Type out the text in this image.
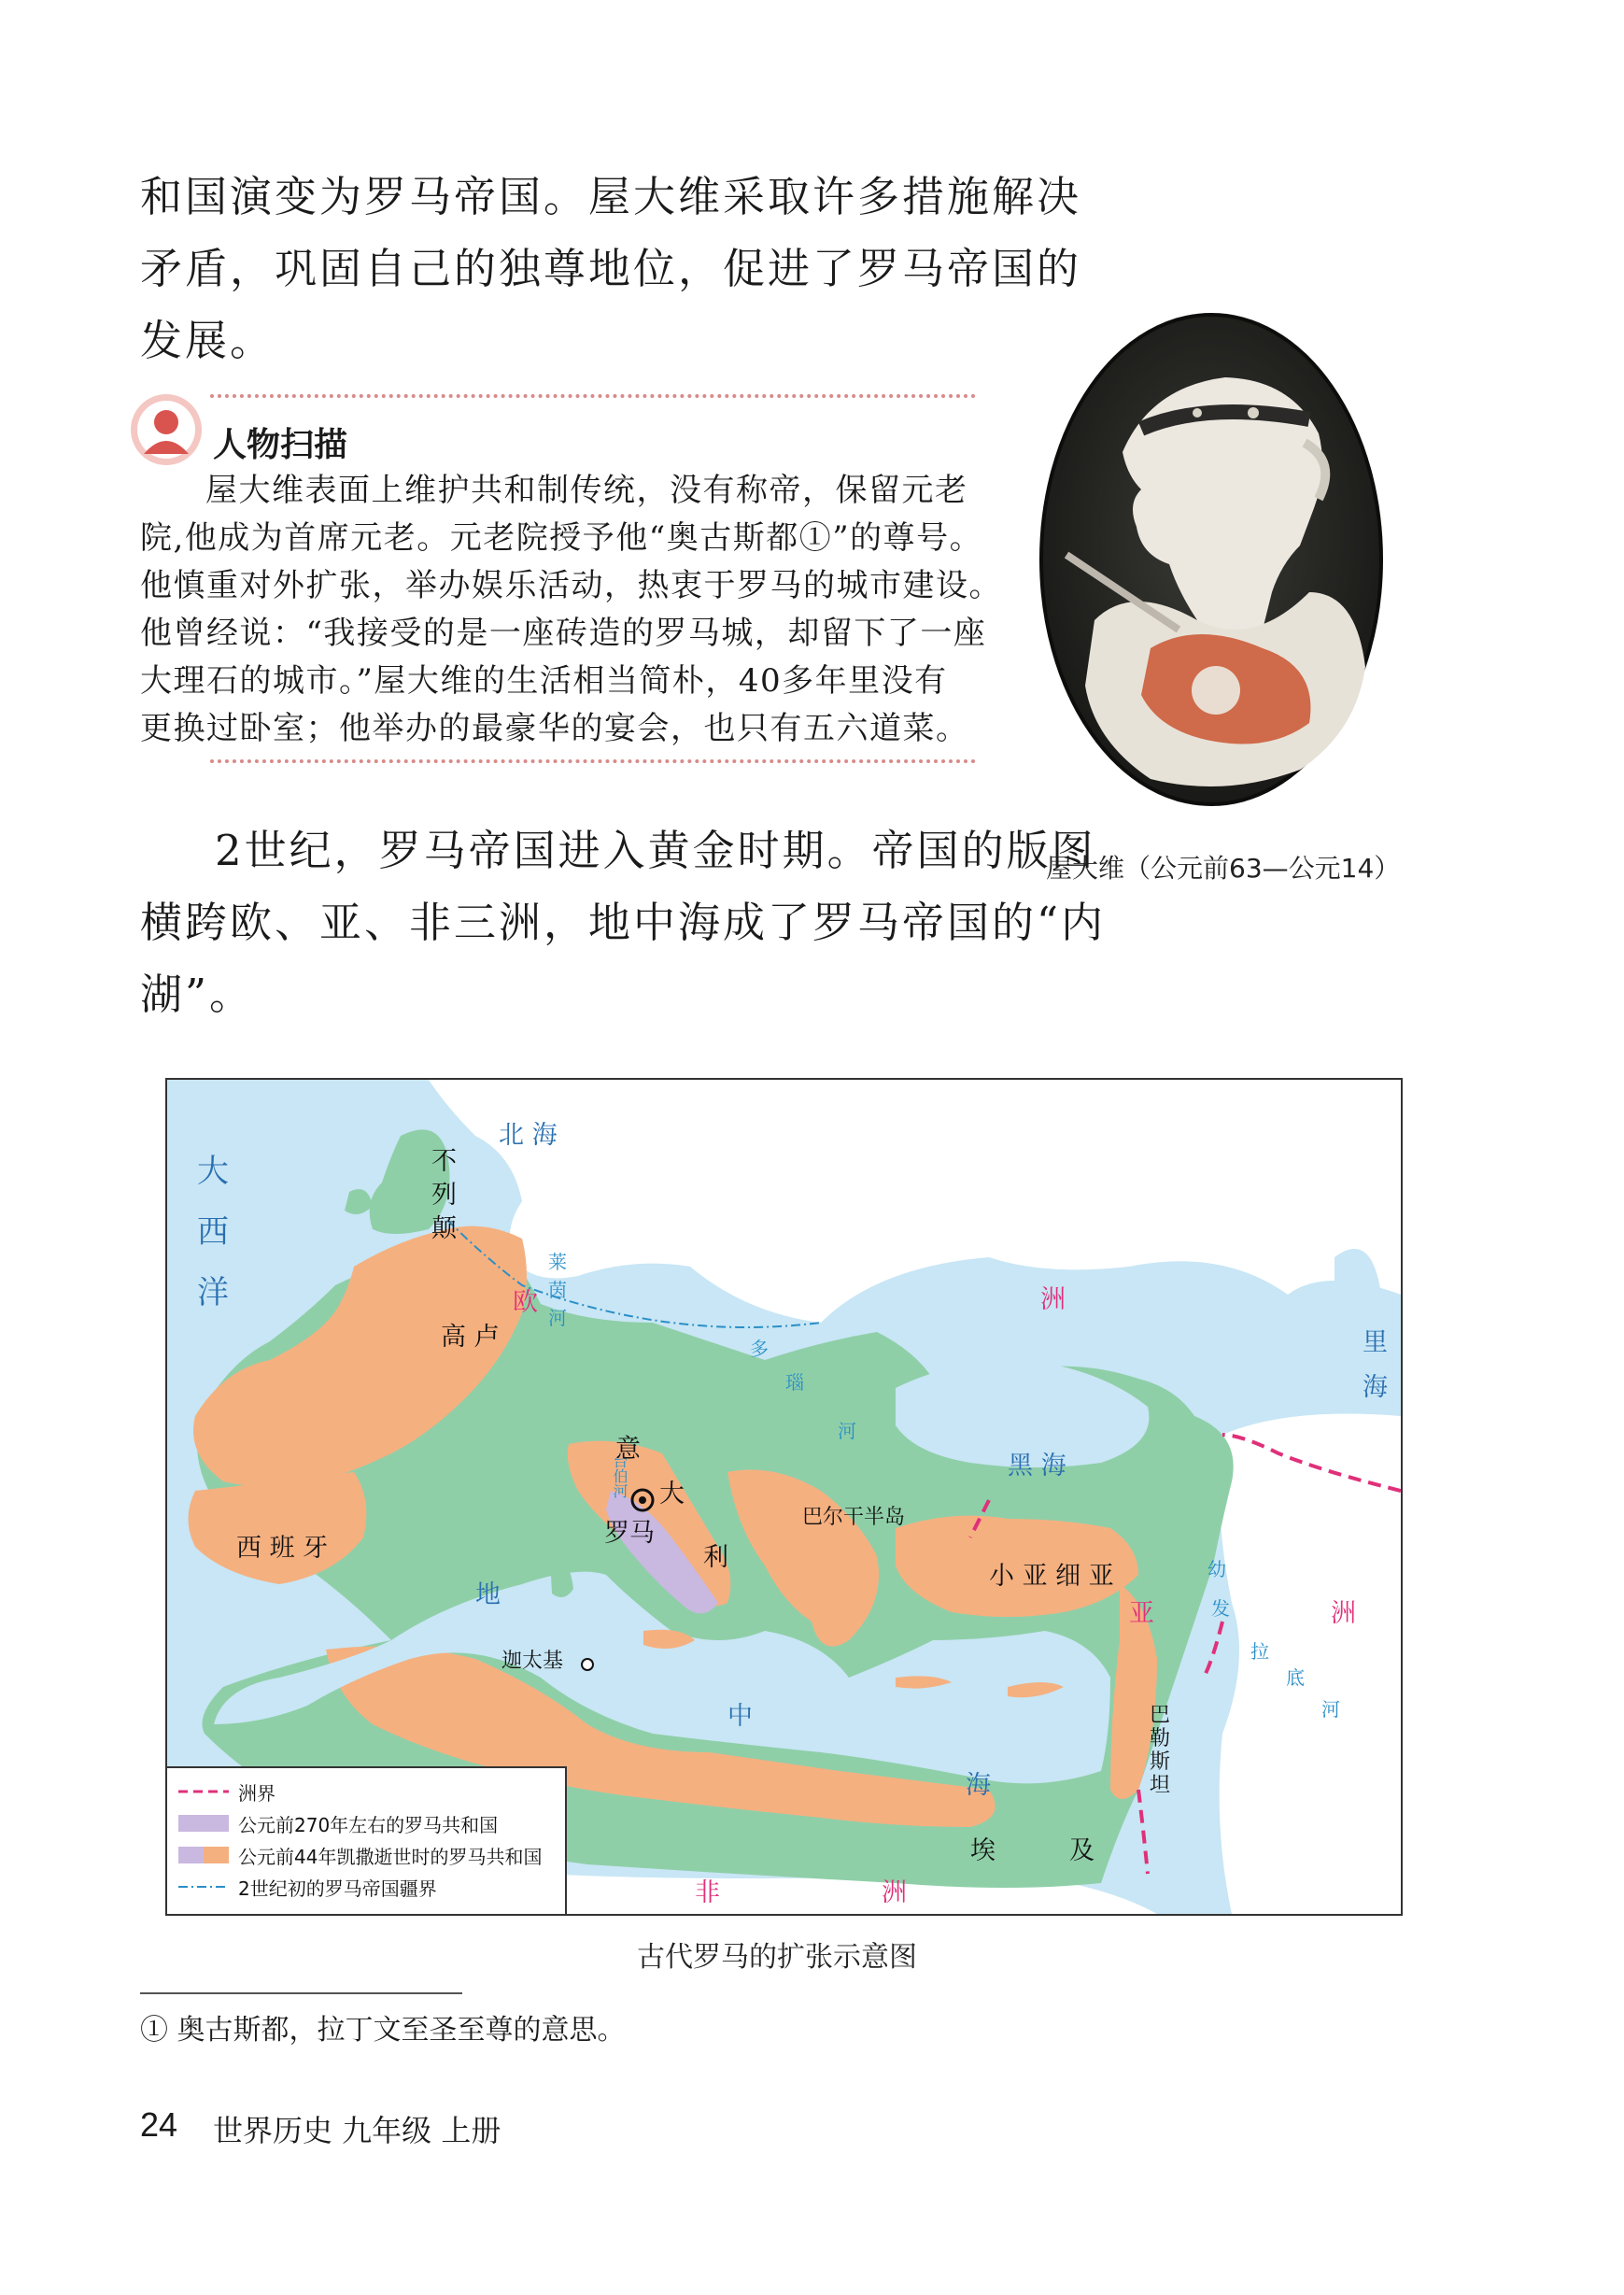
和国演变为罗马帝国。屋大维采取许多措施解决
矛盾，巩固自己的独尊地位，促进了罗马帝国的
发展。

人物扫描
屋大维表面上维护共和制传统，没有称帝，保留元老
院,他成为首席元老。元老院授予他“奥古斯都①”的尊号。
他慎重对外扩张，举办娱乐活动，热衷于罗马的城市建设。
他曾经说：“我接受的是一座砖造的罗马城，却留下了一座
大理石的城市。”屋大维的生活相当简朴，40多年里没有
更换过卧室；他举办的最豪华的宴会，也只有五六道菜。
屋大维（公元前63—公元14）

2世纪，罗马帝国进入黄金时期。帝国的版图
横跨欧、亚、非三洲，地中海成了罗马帝国的“内
湖”。

大
西
洋
北 海
黑 海
里
海
地
中
海
欧	洲
亚	洲
非	洲
莱
茵
河
多
瑙
河
幼
发
拉
底
河
台伯河
不
列
颠
高 卢
西 班 牙
意
大
利
巴尔干半岛
小 亚 细 亚
巴
勒
斯
坦
埃	及
罗马
迦太基
洲界
公元前270年左右的罗马共和国
公元前44年凯撒逝世时的罗马共和国
2世纪初的罗马帝国疆界
古代罗马的扩张示意图
① 奥古斯都，拉丁文至圣至尊的意思。
24 世界历史 九年级 上册
